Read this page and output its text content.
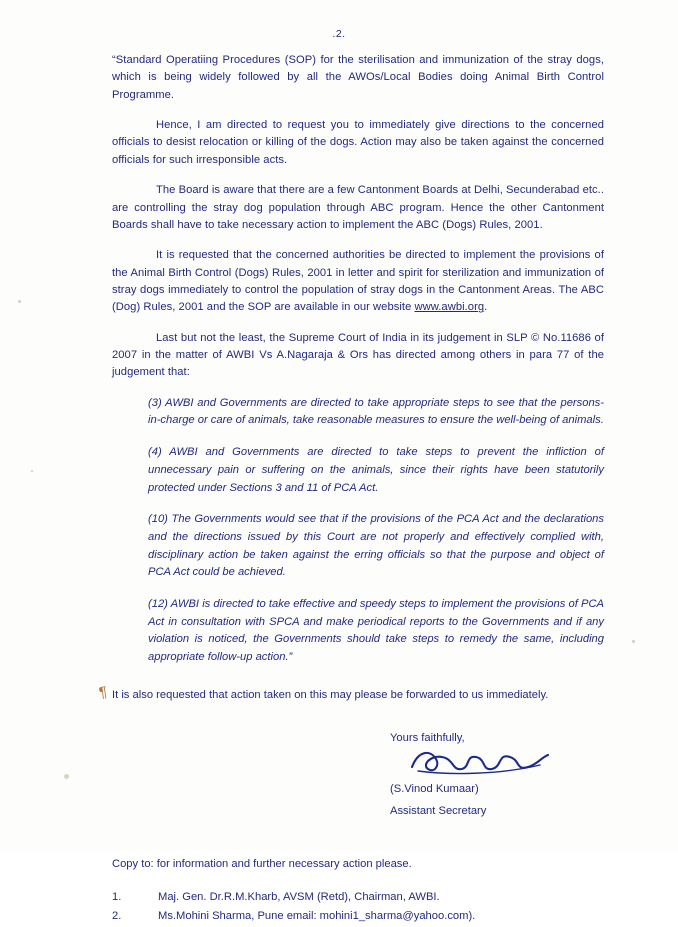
.2.
¶

“Standard Operatiing Procedures (SOP) for the sterilisation and immunization of the stray dogs, which is being widely followed by all the AWOs/Local Bodies doing Animal Birth Control Programme.

Hence, I am directed to request you to immediately give directions to the concerned officials to desist relocation or killing of the dogs. Action may also be taken against the concerned officials for such irresponsible acts.

The Board is aware that there are a few Cantonment Boards at Delhi, Secunderabad etc.. are controlling the stray dog population through ABC program. Hence the other Cantonment Boards shall have to take necessary action to implement the ABC (Dogs) Rules, 2001.

It is requested that the concerned authorities be directed to implement the provisions of the Animal Birth Control (Dogs) Rules, 2001 in letter and spirit for sterilization and immunization of stray dogs immediately to control the population of stray dogs in the Cantonment Areas. The ABC (Dog) Rules, 2001 and the SOP are available in our website www.awbi.org.

Last but not the least, the Supreme Court of India in its judgement in SLP © No.11686 of 2007 in the matter of AWBI Vs A.Nagaraja & Ors has directed among others in para 77 of the judgement that:

(3) AWBI and Governments are directed to take appropriate steps to see that the persons-in-charge or care of animals, take reasonable measures to ensure the well-being of animals.

(4) AWBI and Governments are directed to take steps to prevent the infliction of unnecessary pain or suffering on the animals, since their rights have been statutorily protected under Sections 3 and 11 of PCA Act.

(10) The Governments would see that if the provisions of the PCA Act and the declarations and the directions issued by this Court are not properly and effectively complied with, disciplinary action be taken against the erring officials so that the purpose and object of PCA Act could be achieved.

(12) AWBI is directed to take effective and speedy steps to implement the provisions of PCA Act in consultation with SPCA and make periodical reports to the Governments and if any violation is noticed, the Governments should take steps to remedy the same, including appropriate follow-up action.”

It is also requested that action taken on this may please be forwarded to us immediately.
Yours faithfully,
(S.Vinod Kumaar)
Assistant Secretary
Copy to: for information and further necessary action please.
1.	Maj. Gen. Dr.R.M.Kharb, AVSM (Retd), Chairman, AWBI.
2.	Ms.Mohini Sharma, Pune email: mohini1_sharma@yahoo.com).
